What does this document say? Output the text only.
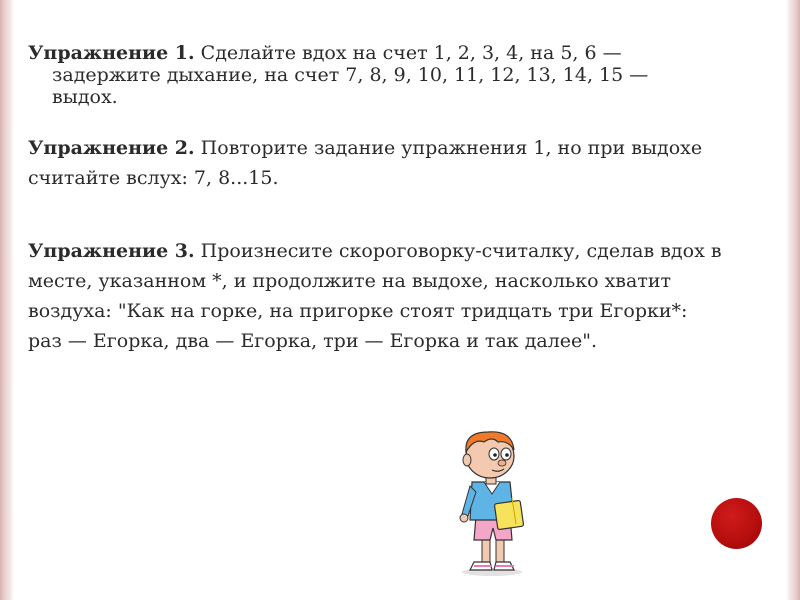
Упражнение 1. Сделайте вдох на счет 1, 2, 3, 4, на 5, 6 —
задержите дыхание, на счет 7, 8, 9, 10, 11, 12, 13, 14, 15 —
выдох.
Упражнение 2. Повторите задание упражнения 1, но при выдохе
считайте вслух: 7, 8...15.
Упражнение 3. Произнесите скороговорку-считалку, сделав вдох в
месте, указанном *, и продолжите на выдохе, насколько хватит
воздуха: "Как на горке, на пригорке стоят тридцать три Егорки*:
раз — Егорка, два — Егорка, три — Егорка и так далее".
